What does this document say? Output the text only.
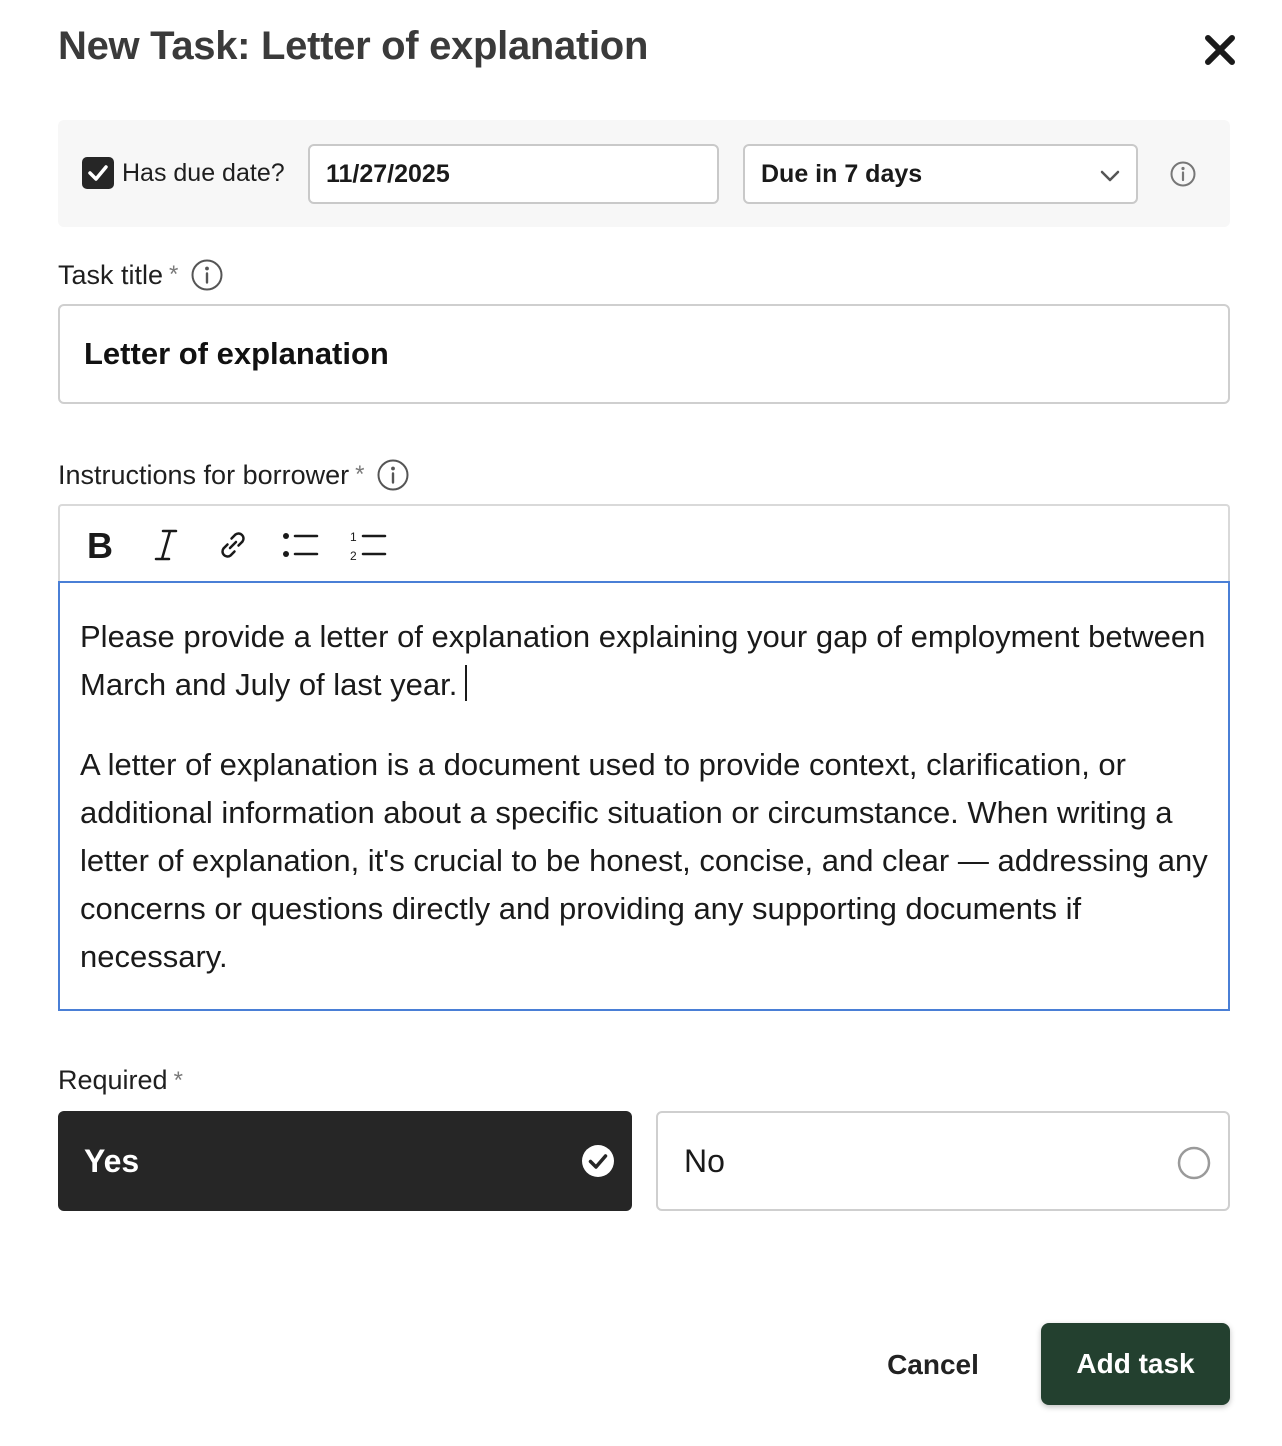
New Task: Letter of explanation
Has due date?
11/27/2025	Due in 7 days
Task title *
Letter of explanation
Instructions for borrower *
B	1
2

Please provide a letter of explanation explaining your gap of employment between March and July of last year.

A letter of explanation is a document used to provide context, clarification, or additional information about a specific situation or circumstance. When writing a letter of explanation, it's crucial to be honest, concise, and clear — addressing any concerns or questions directly and providing any supporting documents if necessary.

Required *
Yes	No
Cancel	Add task
